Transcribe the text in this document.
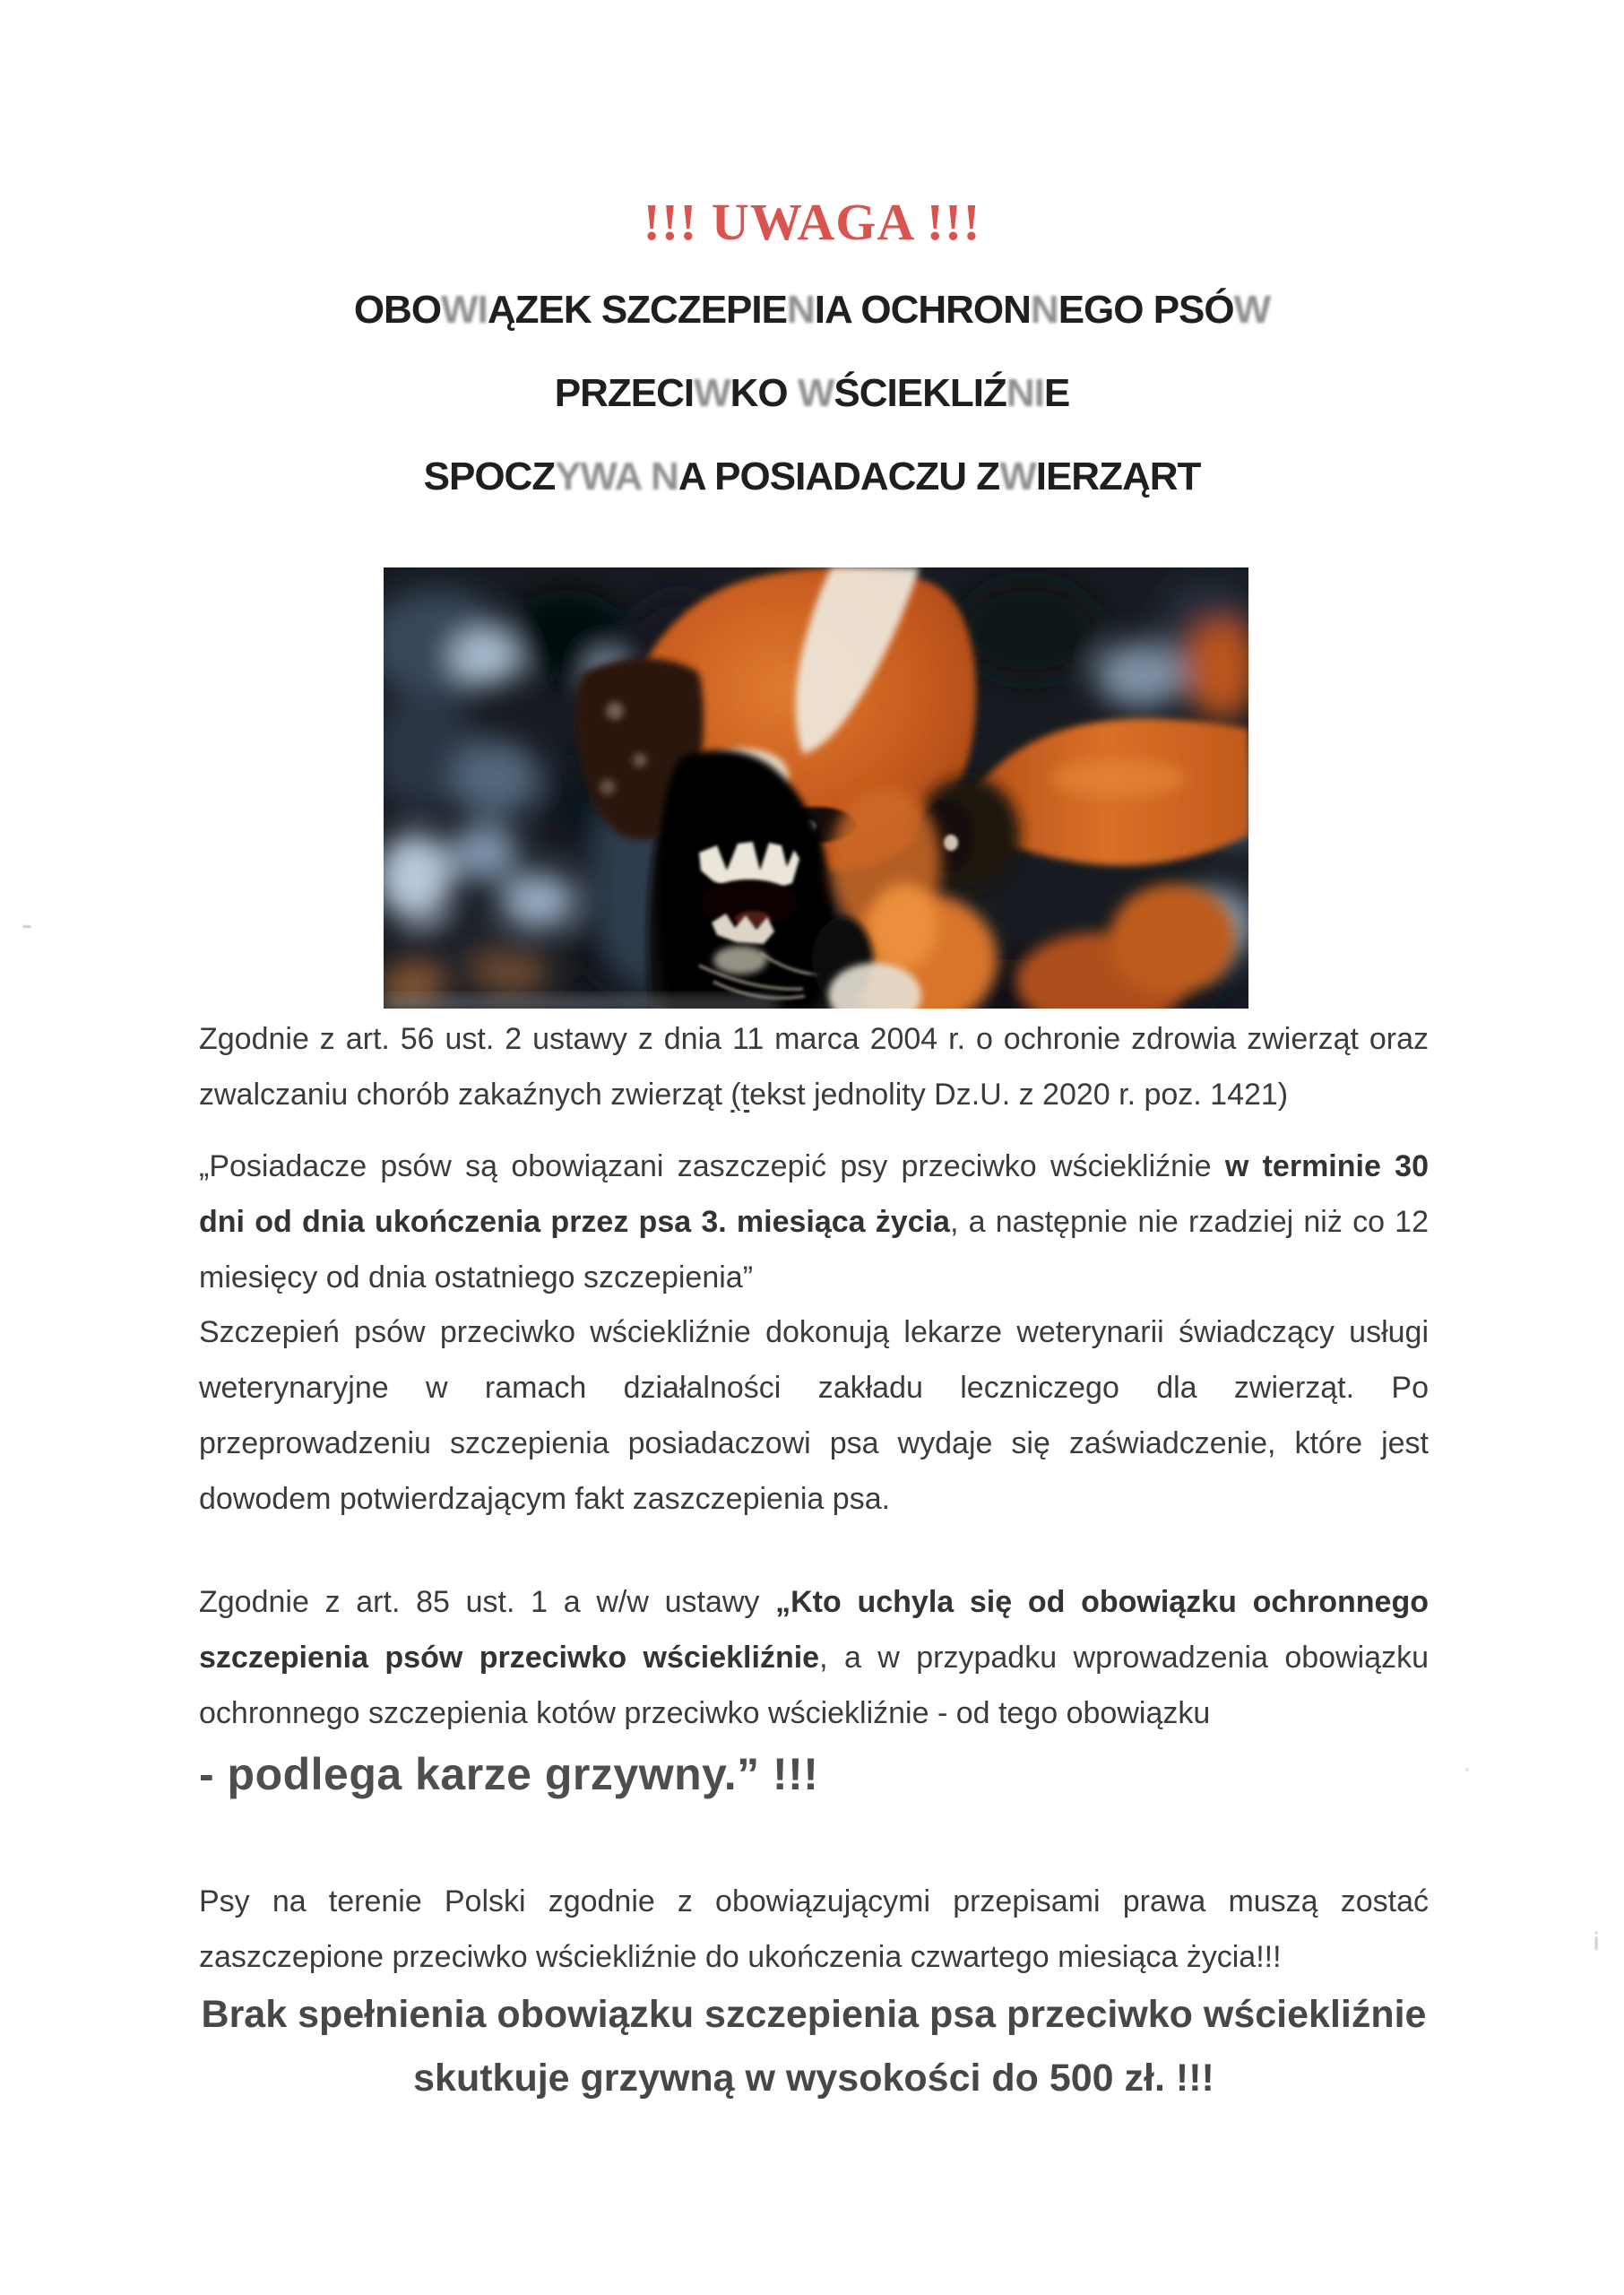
!!! UWAGA !!!
OBOWIĄZEK SZCZEPIENIA OCHRONNEGO PSÓW
PRZECIWKO WŚCIEKLIŹNIE
SPOCZYWA NA POSIADACZU ZWIERZĄRT

Zgodnie z art. 56 ust. 2 ustawy z dnia 11 marca 2004 r. o ochronie zdrowia zwierząt oraz zwalczaniu chorób zakaźnych zwierząt (tekst jednolity Dz.U. z 2020 r. poz. 1421)

„Posiadacze psów są obowiązani zaszczepić psy przeciwko wściekliźnie w terminie 30 dni od dnia ukończenia przez psa 3. miesiąca życia, a następnie nie rzadziej niż co 12 miesięcy od dnia ostatniego szczepienia”

Szczepień psów przeciwko wściekliźnie dokonują lekarze weterynarii świadczący usługi weterynaryjne w ramach działalności zakładu leczniczego dla zwierząt. Po przeprowadzeniu szczepienia posiadaczowi psa wydaje się zaświadczenie, które jest dowodem potwierdzającym fakt zaszczepienia psa.

Zgodnie z art. 85 ust. 1 a w/w ustawy „Kto uchyla się od obowiązku ochronnego szczepienia psów przeciwko wściekliźnie, a w przypadku wprowadzenia obowiązku ochronnego szczepienia kotów przeciwko wściekliźnie - od tego obowiązku

- podlega karze grzywny.” !!!

Psy na terenie Polski zgodnie z obowiązującymi przepisami prawa muszą zostać zaszczepione przeciwko wściekliźnie do ukończenia czwartego miesiąca życia!!!

Brak spełnienia obowiązku szczepienia psa przeciwko wściekliźnie
skutkuje grzywną w wysokości do 500 zł. !!!
-
i
·
